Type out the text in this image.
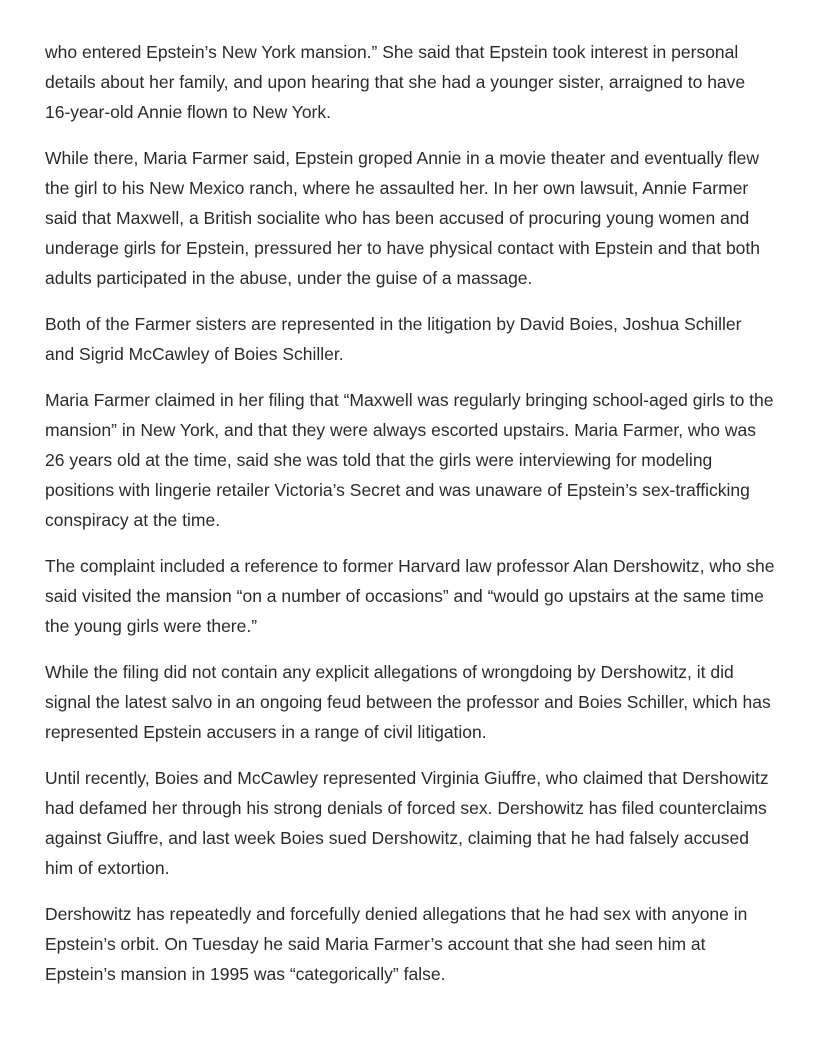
who entered Epstein’s New York mansion.” She said that Epstein took interest in personal details about her family, and upon hearing that she had a younger sister, arraigned to have 16-year-old Annie flown to New York.

While there, Maria Farmer said, Epstein groped Annie in a movie theater and eventually flew the girl to his New Mexico ranch, where he assaulted her. In her own lawsuit, Annie Farmer said that Maxwell, a British socialite who has been accused of procuring young women and underage girls for Epstein, pressured her to have physical contact with Epstein and that both adults participated in the abuse, under the guise of a massage.

Both of the Farmer sisters are represented in the litigation by David Boies, Joshua Schiller and Sigrid McCawley of Boies Schiller.

Maria Farmer claimed in her filing that “Maxwell was regularly bringing school-aged girls to the mansion” in New York, and that they were always escorted upstairs. Maria Farmer, who was 26 years old at the time, said she was told that the girls were interviewing for modeling positions with lingerie retailer Victoria’s Secret and was unaware of Epstein’s sex-trafficking conspiracy at the time.

The complaint included a reference to former Harvard law professor Alan Dershowitz, who she said visited the mansion “on a number of occasions” and “would go upstairs at the same time the young girls were there.”

While the filing did not contain any explicit allegations of wrongdoing by Dershowitz, it did signal the latest salvo in an ongoing feud between the professor and Boies Schiller, which has represented Epstein accusers in a range of civil litigation.

Until recently, Boies and McCawley represented Virginia Giuffre, who claimed that Dershowitz had defamed her through his strong denials of forced sex. Dershowitz has filed counterclaims against Giuffre, and last week Boies sued Dershowitz, claiming that he had falsely accused him of extortion.

Dershowitz has repeatedly and forcefully denied allegations that he had sex with anyone in Epstein’s orbit. On Tuesday he said Maria Farmer’s account that she had seen him at Epstein’s mansion in 1995 was “categorically” false.
